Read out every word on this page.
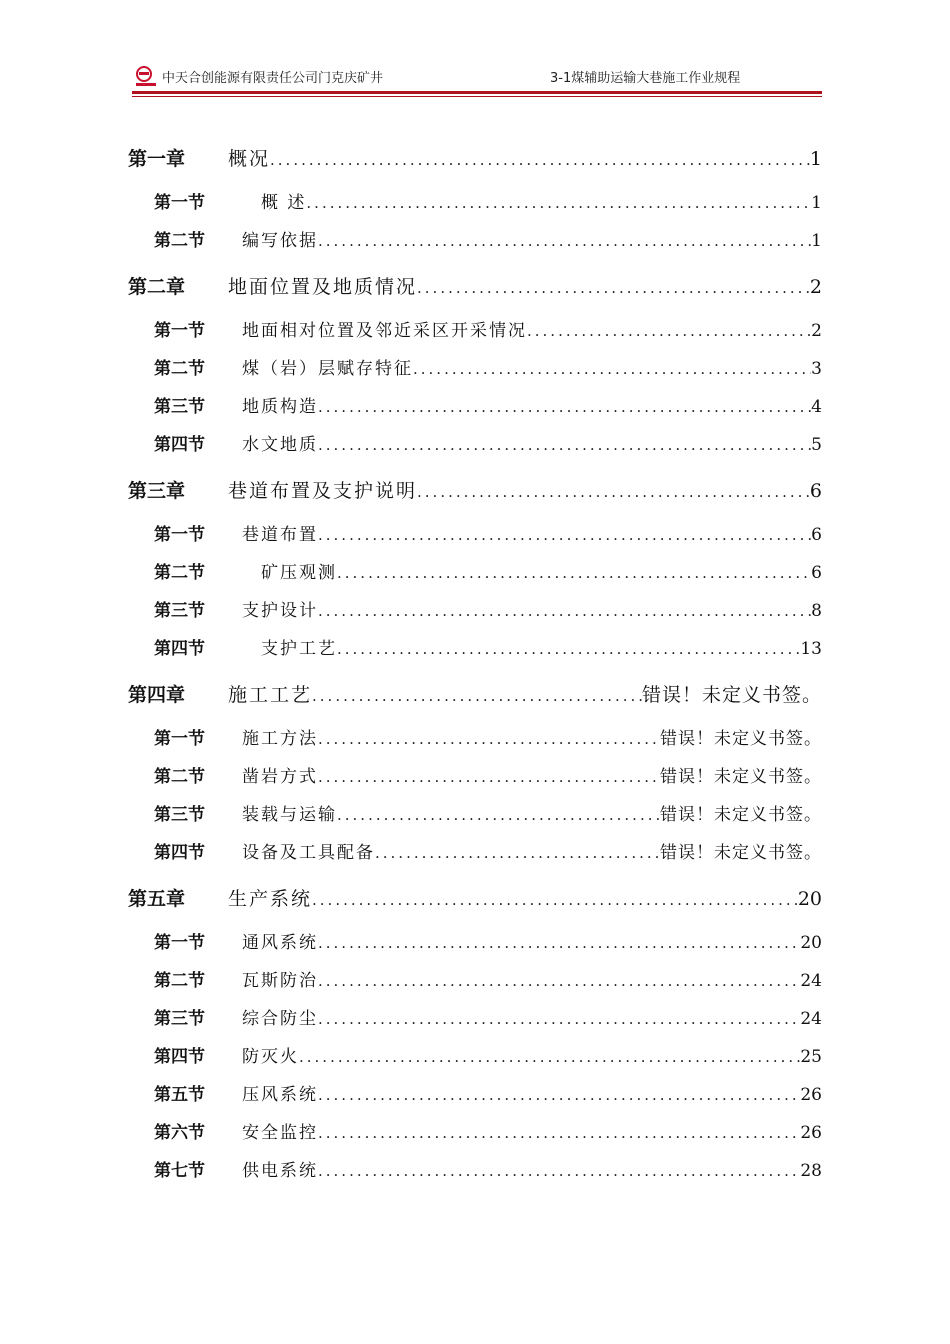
中天合创能源有限责任公司门克庆矿井	3-1煤辅助运输大巷施工作业规程
第一章	概况 .....	1
第一节	　概 述 .....	1
第二节	编写依据 .....	1
第二章	地面位置及地质情况 .....	2
第一节	地面相对位置及邻近采区开采情况 .....	2
第二节	煤（岩）层赋存特征 .....	3
第三节	地质构造 .....	4
第四节	水文地质 .....	5
第三章	巷道布置及支护说明 .....	6
第一节	巷道布置 .....	6
第二节	　矿压观测 .....	6
第三节	支护设计 .....	8
第四节	　支护工艺 .....	13
第四章	施工工艺 .....	错误！未定义书签。
第一节	施工方法 .....	错误！未定义书签。
第二节	凿岩方式 .....	错误！未定义书签。
第三节	装载与运输 .....	错误！未定义书签。
第四节	设备及工具配备 .....	错误！未定义书签。
第五章	生产系统 .....	20
第一节	通风系统 .....	20
第二节	瓦斯防治 .....	24
第三节	综合防尘 .....	24
第四节	防灭火 .....	25
第五节	压风系统 .....	26
第六节	安全监控 .....	26
第七节	供电系统 .....	28
